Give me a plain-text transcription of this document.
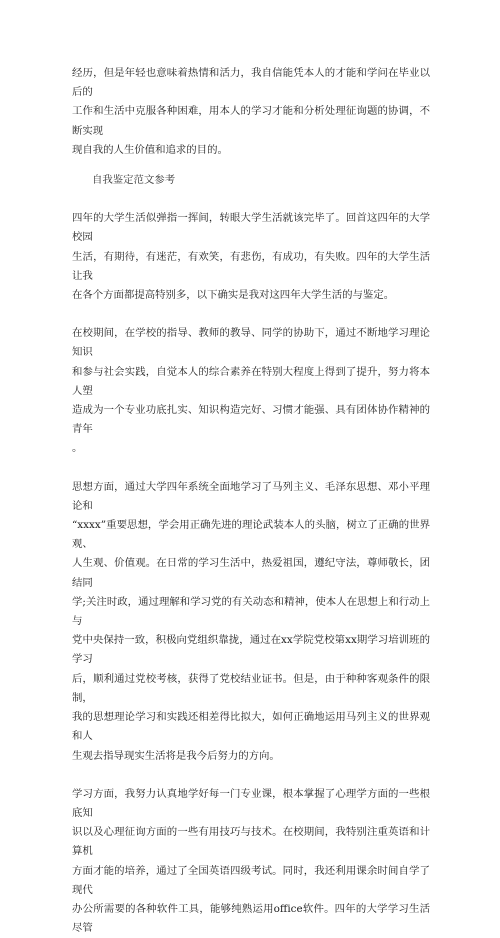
经历，但是年轻也意味着热情和活力，我自信能凭本人的才能和学问在毕业以后的
工作和生活中克服各种困难，用本人的学习才能和分析处理征询题的协调，不断实现
现自我的人生价值和追求的目的。

自我鉴定范文参考

四年的大学生活似弹指一挥间，转眼大学生活就该完毕了。回首这四年的大学校园
生活，有期待，有迷茫，有欢笑，有悲伤，有成功，有失败。四年的大学生活让我
在各个方面都提高特别多，以下确实是我对这四年大学生活的与鉴定。

在校期间，在学校的指导、教师的教导、同学的协助下，通过不断地学习理论知识
和参与社会实践，自觉本人的综合素养在特别大程度上得到了提升，努力将本人塑
造成为一个专业功底扎实、知识构造完好、习惯才能强、具有团体协作精神的青年
。

思想方面，通过大学四年系统全面地学习了马列主义、毛泽东思想、邓小平理论和
“xxxx”重要思想，学会用正确先进的理论武装本人的头脑，树立了正确的世界观、
人生观、价值观。在日常的学习生活中，热爱祖国，遵纪守法，尊师敬长，团结同
学;关注时政，通过理解和学习党的有关动态和精神，使本人在思想上和行动上与
党中央保持一致，积极向党组织靠拢，通过在xx学院党校第xx期学习培训班的学习
后，顺利通过党校考核，获得了党校结业证书。但是，由于种种客观条件的限制，
我的思想理论学习和实践还相差得比拟大，如何正确地运用马列主义的世界观和人
生观去指导现实生活将是我今后努力的方向。

学习方面，我努力认真地学好每一门专业课，根本掌握了心理学方面的一些根底知
识以及心理征询方面的一些有用技巧与技术。在校期间，我特别注重英语和计算机
方面才能的培养，通过了全国英语四级考试。同时，我还利用课余时间自学了现代
办公所需要的各种软件工具，能够纯熟运用office软件。四年的大学学习生活尽管
